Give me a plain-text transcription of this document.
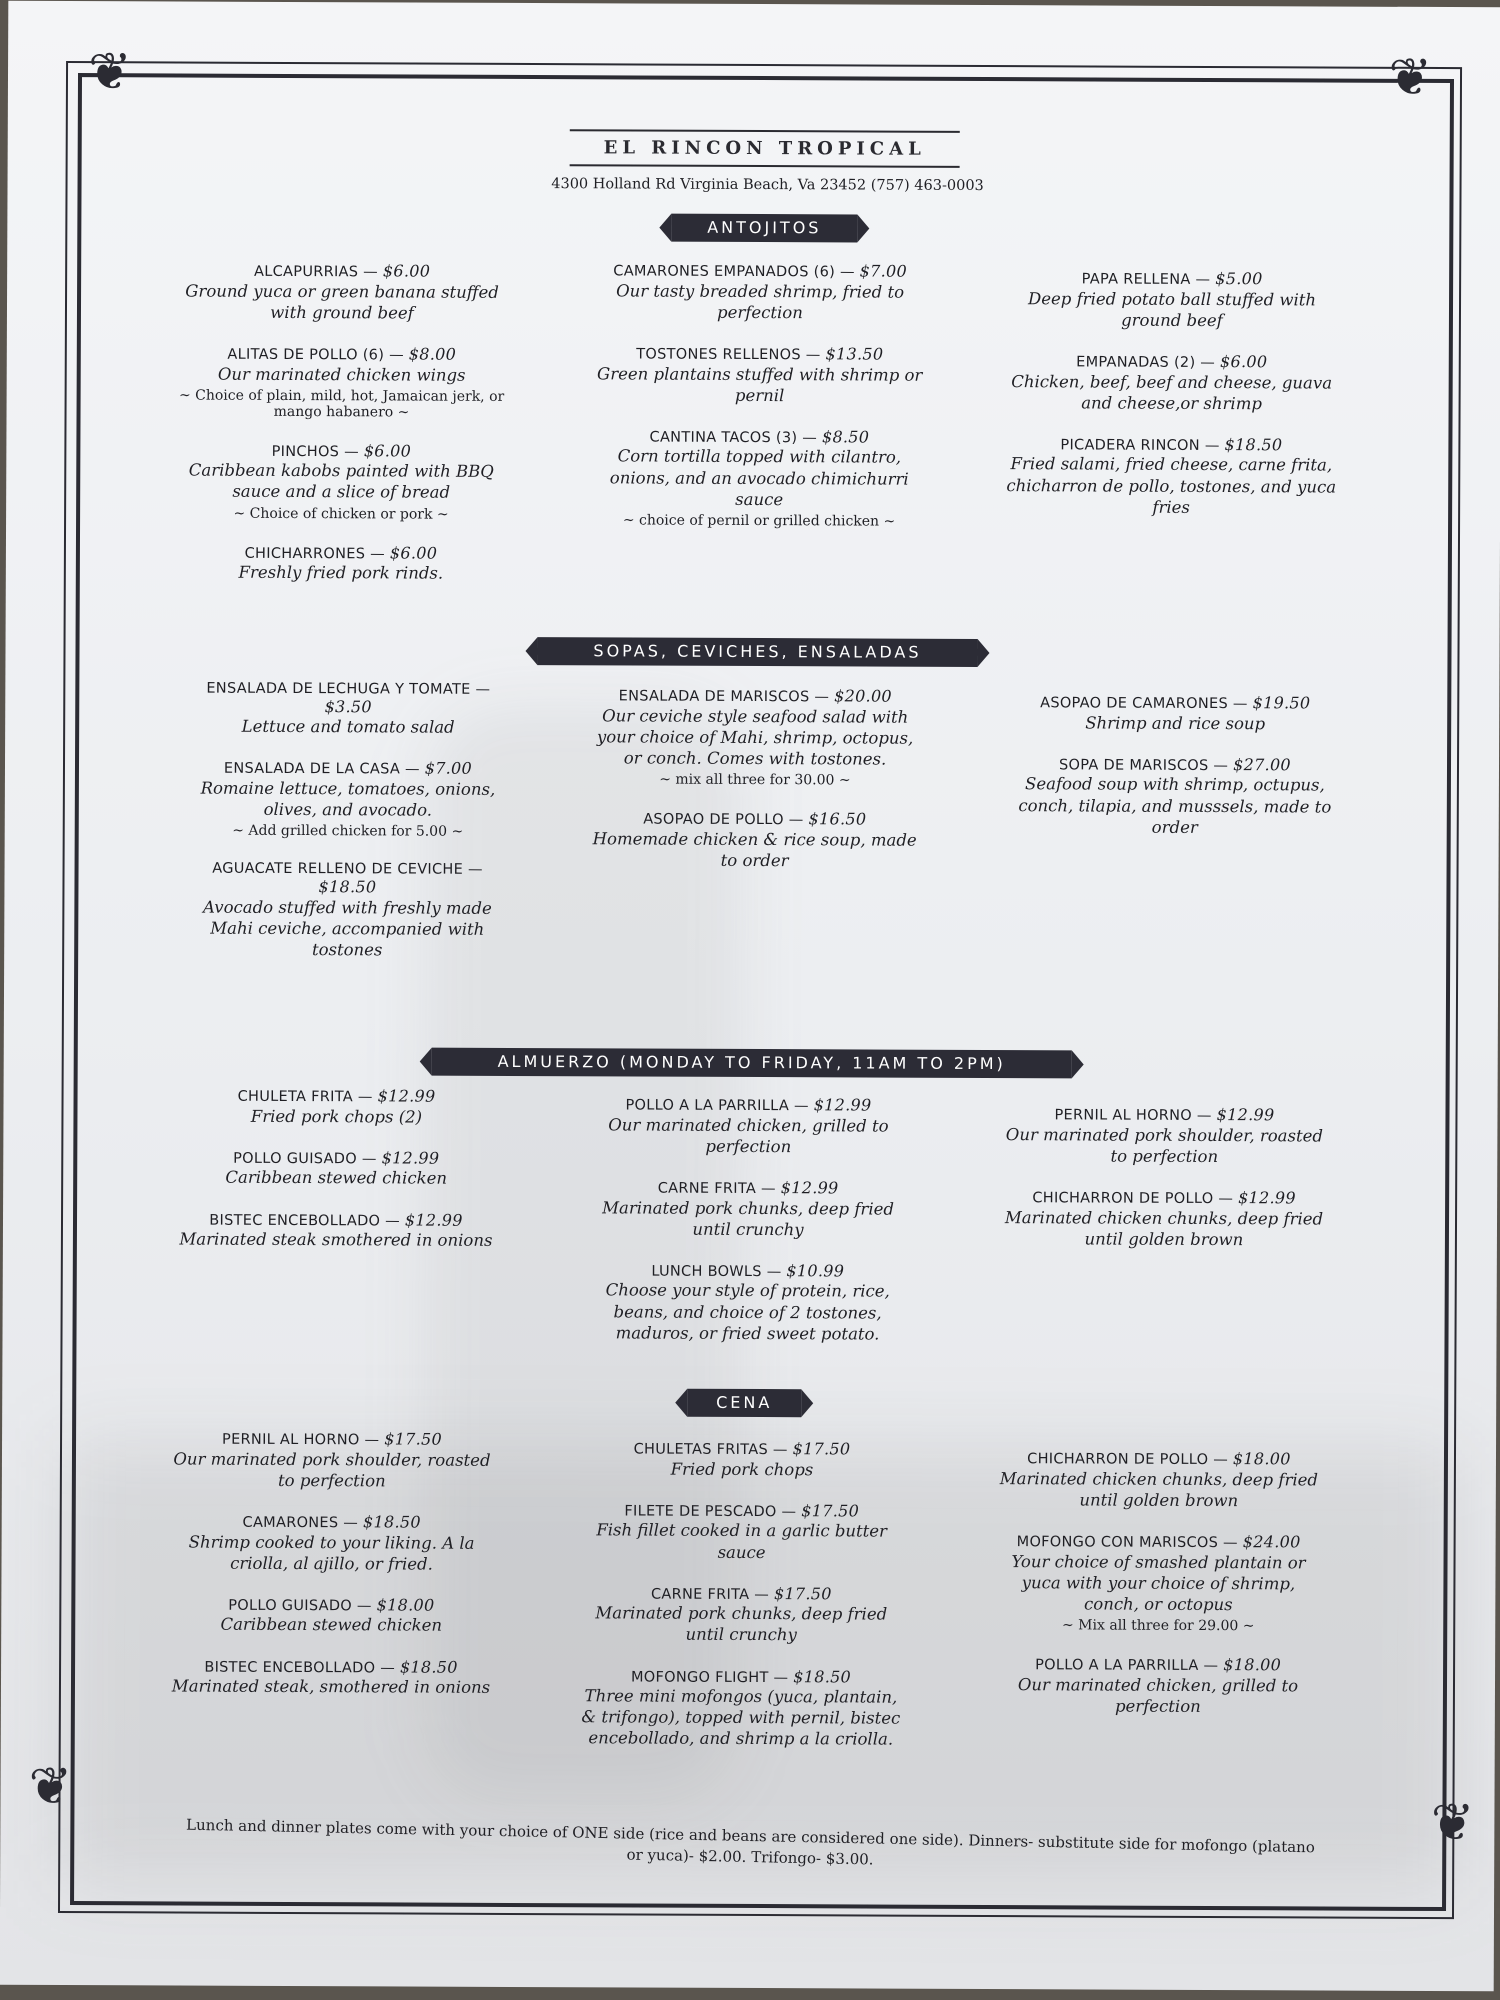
❦	❦
❦
❦
EL RINCON TROPICAL
4300 Holland Rd Virginia Beach, Va 23452 (757) 463-0003
ANTOJITOS
ALCAPURRIAS — $6.00
Ground yuca or green banana stuffed with ground beef
ALITAS DE POLLO (6) — $8.00
Our marinated chicken wings
~ Choice of plain, mild, hot, Jamaican jerk, or mango habanero ~
PINCHOS — $6.00
Caribbean kabobs painted with BBQ sauce and a slice of bread
~ Choice of chicken or pork ~
CHICHARRONES — $6.00
Freshly fried pork rinds.
CAMARONES EMPANADOS (6) — $7.00
Our tasty breaded shrimp, fried to perfection
TOSTONES RELLENOS — $13.50
Green plantains stuffed with shrimp or pernil
CANTINA TACOS (3) — $8.50
Corn tortilla topped with cilantro, onions, and an avocado chimichurri sauce
~ choice of pernil or grilled chicken ~
PAPA RELLENA — $5.00
Deep fried potato ball stuffed with ground beef
EMPANADAS (2) — $6.00
Chicken, beef, beef and cheese, guava and cheese,or shrimp
PICADERA RINCON — $18.50
Fried salami, fried cheese, carne frita, chicharron de pollo, tostones, and yuca fries
SOPAS, CEVICHES, ENSALADAS
ENSALADA DE LECHUGA Y TOMATE — $3.50
Lettuce and tomato salad
ENSALADA DE LA CASA — $7.00
Romaine lettuce, tomatoes, onions, olives, and avocado.
~ Add grilled chicken for 5.00 ~
AGUACATE RELLENO DE CEVICHE — $18.50
Avocado stuffed with freshly made Mahi ceviche, accompanied with tostones
ENSALADA DE MARISCOS — $20.00
Our ceviche style seafood salad with your choice of Mahi, shrimp, octopus, or conch. Comes with tostones.
~ mix all three for 30.00 ~
ASOPAO DE POLLO — $16.50
Homemade chicken & rice soup, made to order
ASOPAO DE CAMARONES — $19.50
Shrimp and rice soup
SOPA DE MARISCOS — $27.00
Seafood soup with shrimp, octupus, conch, tilapia, and musssels, made to order
ALMUERZO (MONDAY TO FRIDAY, 11AM TO 2PM)
CHULETA FRITA — $12.99
Fried pork chops (2)
POLLO GUISADO — $12.99
Caribbean stewed chicken
BISTEC ENCEBOLLADO — $12.99
Marinated steak smothered in onions
POLLO A LA PARRILLA — $12.99
Our marinated chicken, grilled to perfection
CARNE FRITA — $12.99
Marinated pork chunks, deep fried until crunchy
LUNCH BOWLS — $10.99
Choose your style of protein, rice, beans, and choice of 2 tostones, maduros, or fried sweet potato.
PERNIL AL HORNO — $12.99
Our marinated pork shoulder, roasted to perfection
CHICHARRON DE POLLO — $12.99
Marinated chicken chunks, deep fried until golden brown
CENA
PERNIL AL HORNO — $17.50
Our marinated pork shoulder, roasted to perfection
CAMARONES — $18.50
Shrimp cooked to your liking. A la criolla, al ajillo, or fried.
POLLO GUISADO — $18.00
Caribbean stewed chicken
BISTEC ENCEBOLLADO — $18.50
Marinated steak, smothered in onions
CHULETAS FRITAS — $17.50
Fried pork chops
FILETE DE PESCADO — $17.50
Fish fillet cooked in a garlic butter sauce
CARNE FRITA — $17.50
Marinated pork chunks, deep fried until crunchy
MOFONGO FLIGHT — $18.50
Three mini mofongos (yuca, plantain, & trifongo), topped with pernil, bistec encebollado, and shrimp a la criolla.
CHICHARRON DE POLLO — $18.00
Marinated chicken chunks, deep fried until golden brown
MOFONGO CON MARISCOS — $24.00
Your choice of smashed plantain or yuca with your choice of shrimp, conch, or octopus
~ Mix all three for 29.00 ~
POLLO A LA PARRILLA — $18.00
Our marinated chicken, grilled to perfection
Lunch and dinner plates come with your choice of ONE side (rice and beans are considered one side). Dinners- substitute side for mofongo (platano or yuca)- $2.00. Trifongo- $3.00.
